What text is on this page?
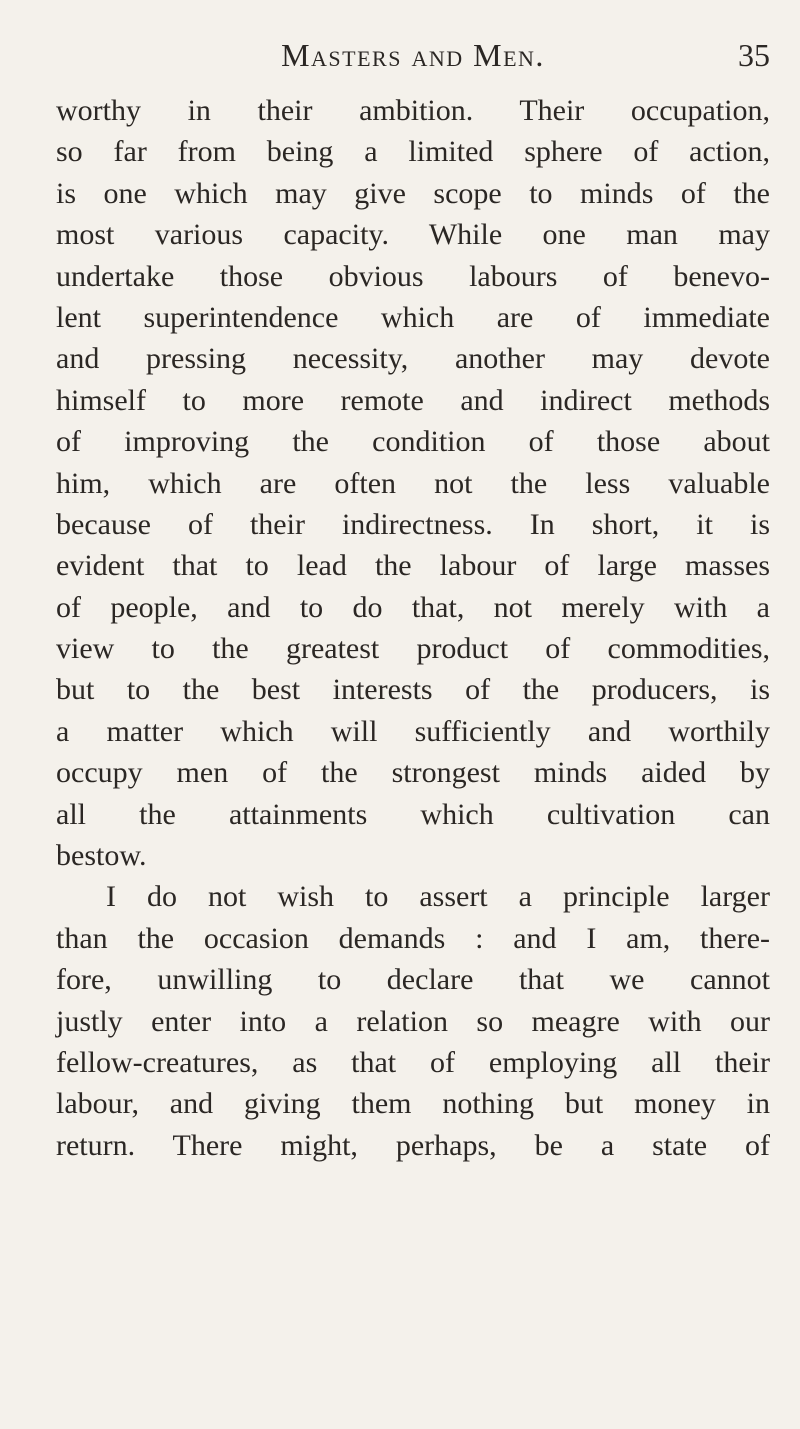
Masters and Men.	35

worthy in their ambition. Their occupation,
so far from being a limited sphere of action,
is one which may give scope to minds of the
most various capacity. While one man may
undertake those obvious labours of benevo-
lent superintendence which are of immediate
and pressing necessity, another may devote
himself to more remote and indirect methods
of improving the condition of those about
him, which are often not the less valuable
because of their indirectness. In short, it is
evident that to lead the labour of large masses
of people, and to do that, not merely with a
view to the greatest product of commodities,
but to the best interests of the producers, is
a matter which will sufficiently and worthily
occupy men of the strongest minds aided by
all the attainments which cultivation can
bestow.

I do not wish to assert a principle larger
than the occasion demands : and I am, there-
fore, unwilling to declare that we cannot
justly enter into a relation so meagre with our
fellow-creatures, as that of employing all their
labour, and giving them nothing but money in
return. There might, perhaps, be a state of
